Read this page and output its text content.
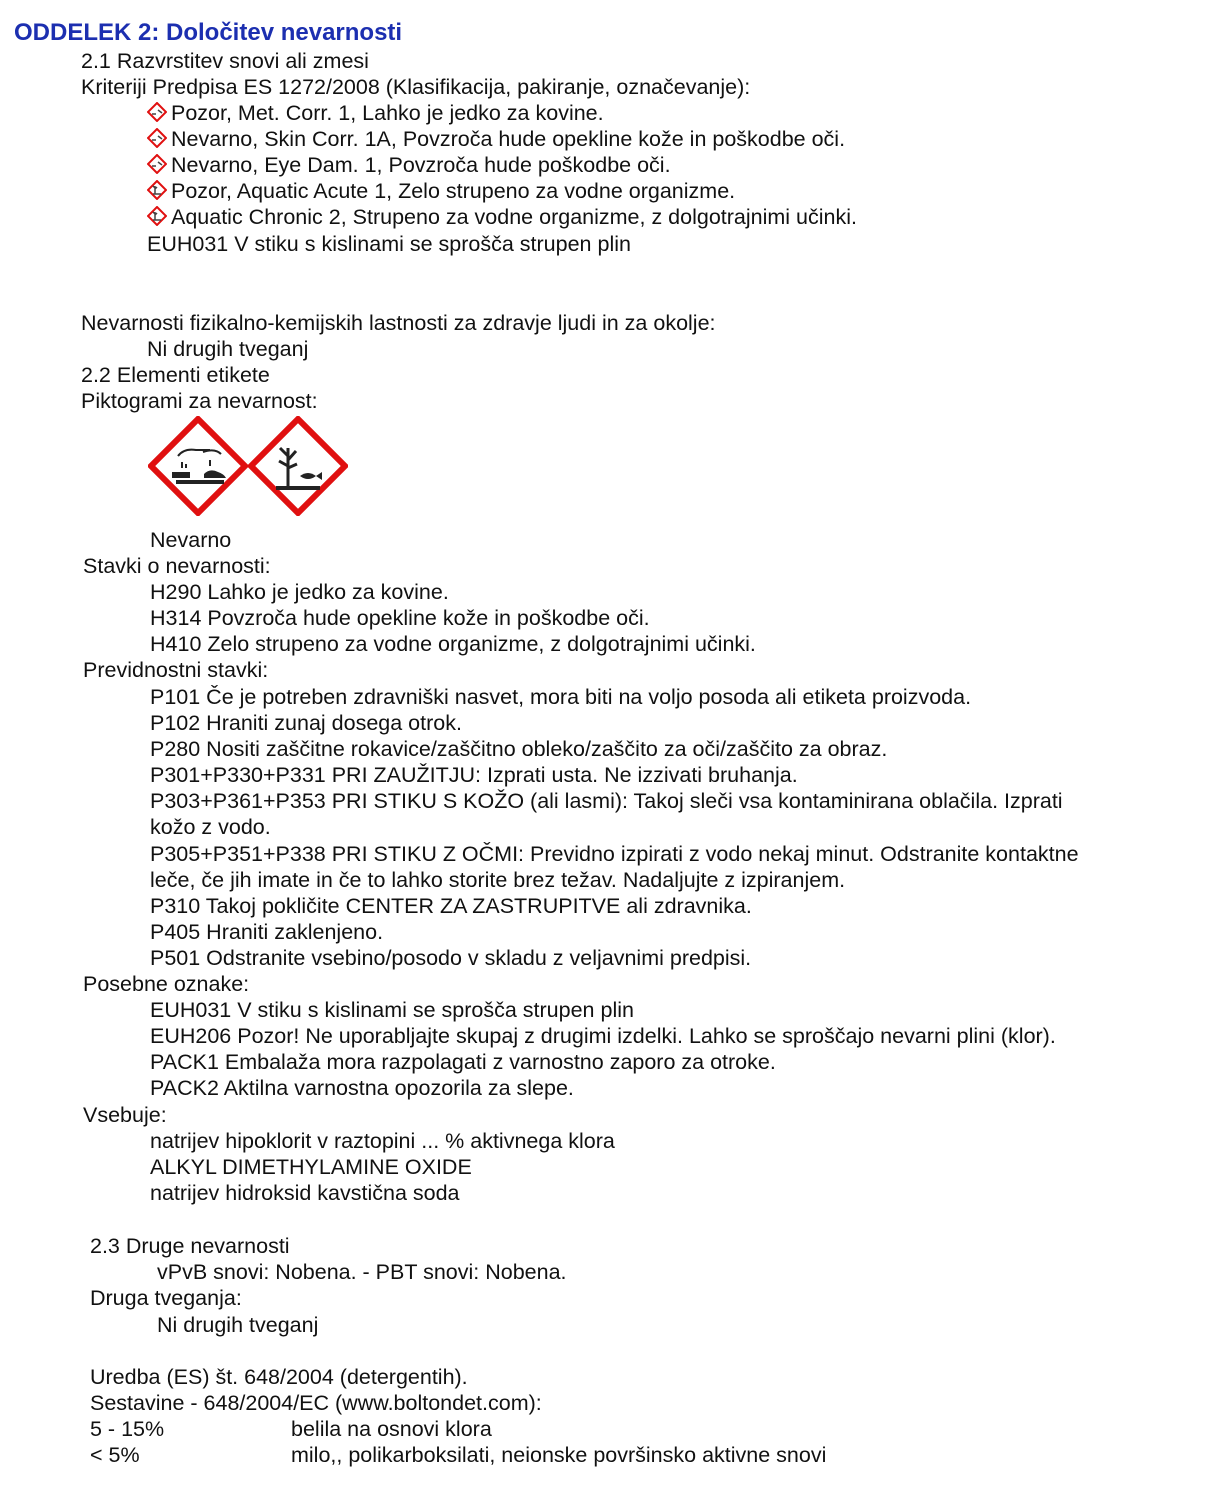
ODDELEK 2: Določitev nevarnosti
2.1 Razvrstitev snovi ali zmesi
Kriteriji Predpisa ES 1272/2008 (Klasifikacija, pakiranje, označevanje):
Pozor, Met. Corr. 1, Lahko je jedko za kovine.
Nevarno, Skin Corr. 1A, Povzroča hude opekline kože in poškodbe oči.
Nevarno, Eye Dam. 1, Povzroča hude poškodbe oči.
Pozor, Aquatic Acute 1, Zelo strupeno za vodne organizme.
Aquatic Chronic 2, Strupeno za vodne organizme, z dolgotrajnimi učinki.
EUH031 V stiku s kislinami se sprošča strupen plin
Nevarnosti fizikalno-kemijskih lastnosti za zdravje ljudi in za okolje:
Ni drugih tveganj
2.2 Elementi etikete
Piktogrami za nevarnost:
Nevarno
Stavki o nevarnosti:
H290 Lahko je jedko za kovine.
H314 Povzroča hude opekline kože in poškodbe oči.
H410 Zelo strupeno za vodne organizme, z dolgotrajnimi učinki.
Previdnostni stavki:
P101 Če je potreben zdravniški nasvet, mora biti na voljo posoda ali etiketa proizvoda.
P102 Hraniti zunaj dosega otrok.
P280 Nositi zaščitne rokavice/zaščitno obleko/zaščito za oči/zaščito za obraz.
P301+P330+P331 PRI ZAUŽITJU: Izprati usta. Ne izzivati bruhanja.
P303+P361+P353 PRI STIKU S KOŽO (ali lasmi): Takoj sleči vsa kontaminirana oblačila. Izprati
kožo z vodo.
P305+P351+P338 PRI STIKU Z OČMI: Previdno izpirati z vodo nekaj minut. Odstranite kontaktne
leče, če jih imate in če to lahko storite brez težav. Nadaljujte z izpiranjem.
P310 Takoj pokličite CENTER ZA ZASTRUPITVE ali zdravnika.
P405 Hraniti zaklenjeno.
P501 Odstranite vsebino/posodo v skladu z veljavnimi predpisi.
Posebne oznake:
EUH031 V stiku s kislinami se sprošča strupen plin
EUH206 Pozor! Ne uporabljajte skupaj z drugimi izdelki. Lahko se sproščajo nevarni plini (klor).
PACK1 Embalaža mora razpolagati z varnostno zaporo za otroke.
PACK2 Aktilna varnostna opozorila za slepe.
Vsebuje:
natrijev hipoklorit v raztopini ... % aktivnega klora
ALKYL DIMETHYLAMINE OXIDE
natrijev hidroksid kavstična soda
2.3 Druge nevarnosti
vPvB snovi: Nobena. - PBT snovi: Nobena.
Druga tveganja:
Ni drugih tveganj
Uredba (ES) št. 648/2004 (detergentih).
Sestavine - 648/2004/EC (www.boltondet.com):
5 - 15%	belila na osnovi klora
< 5%	milo,, polikarboksilati, neionske površinsko aktivne snovi
